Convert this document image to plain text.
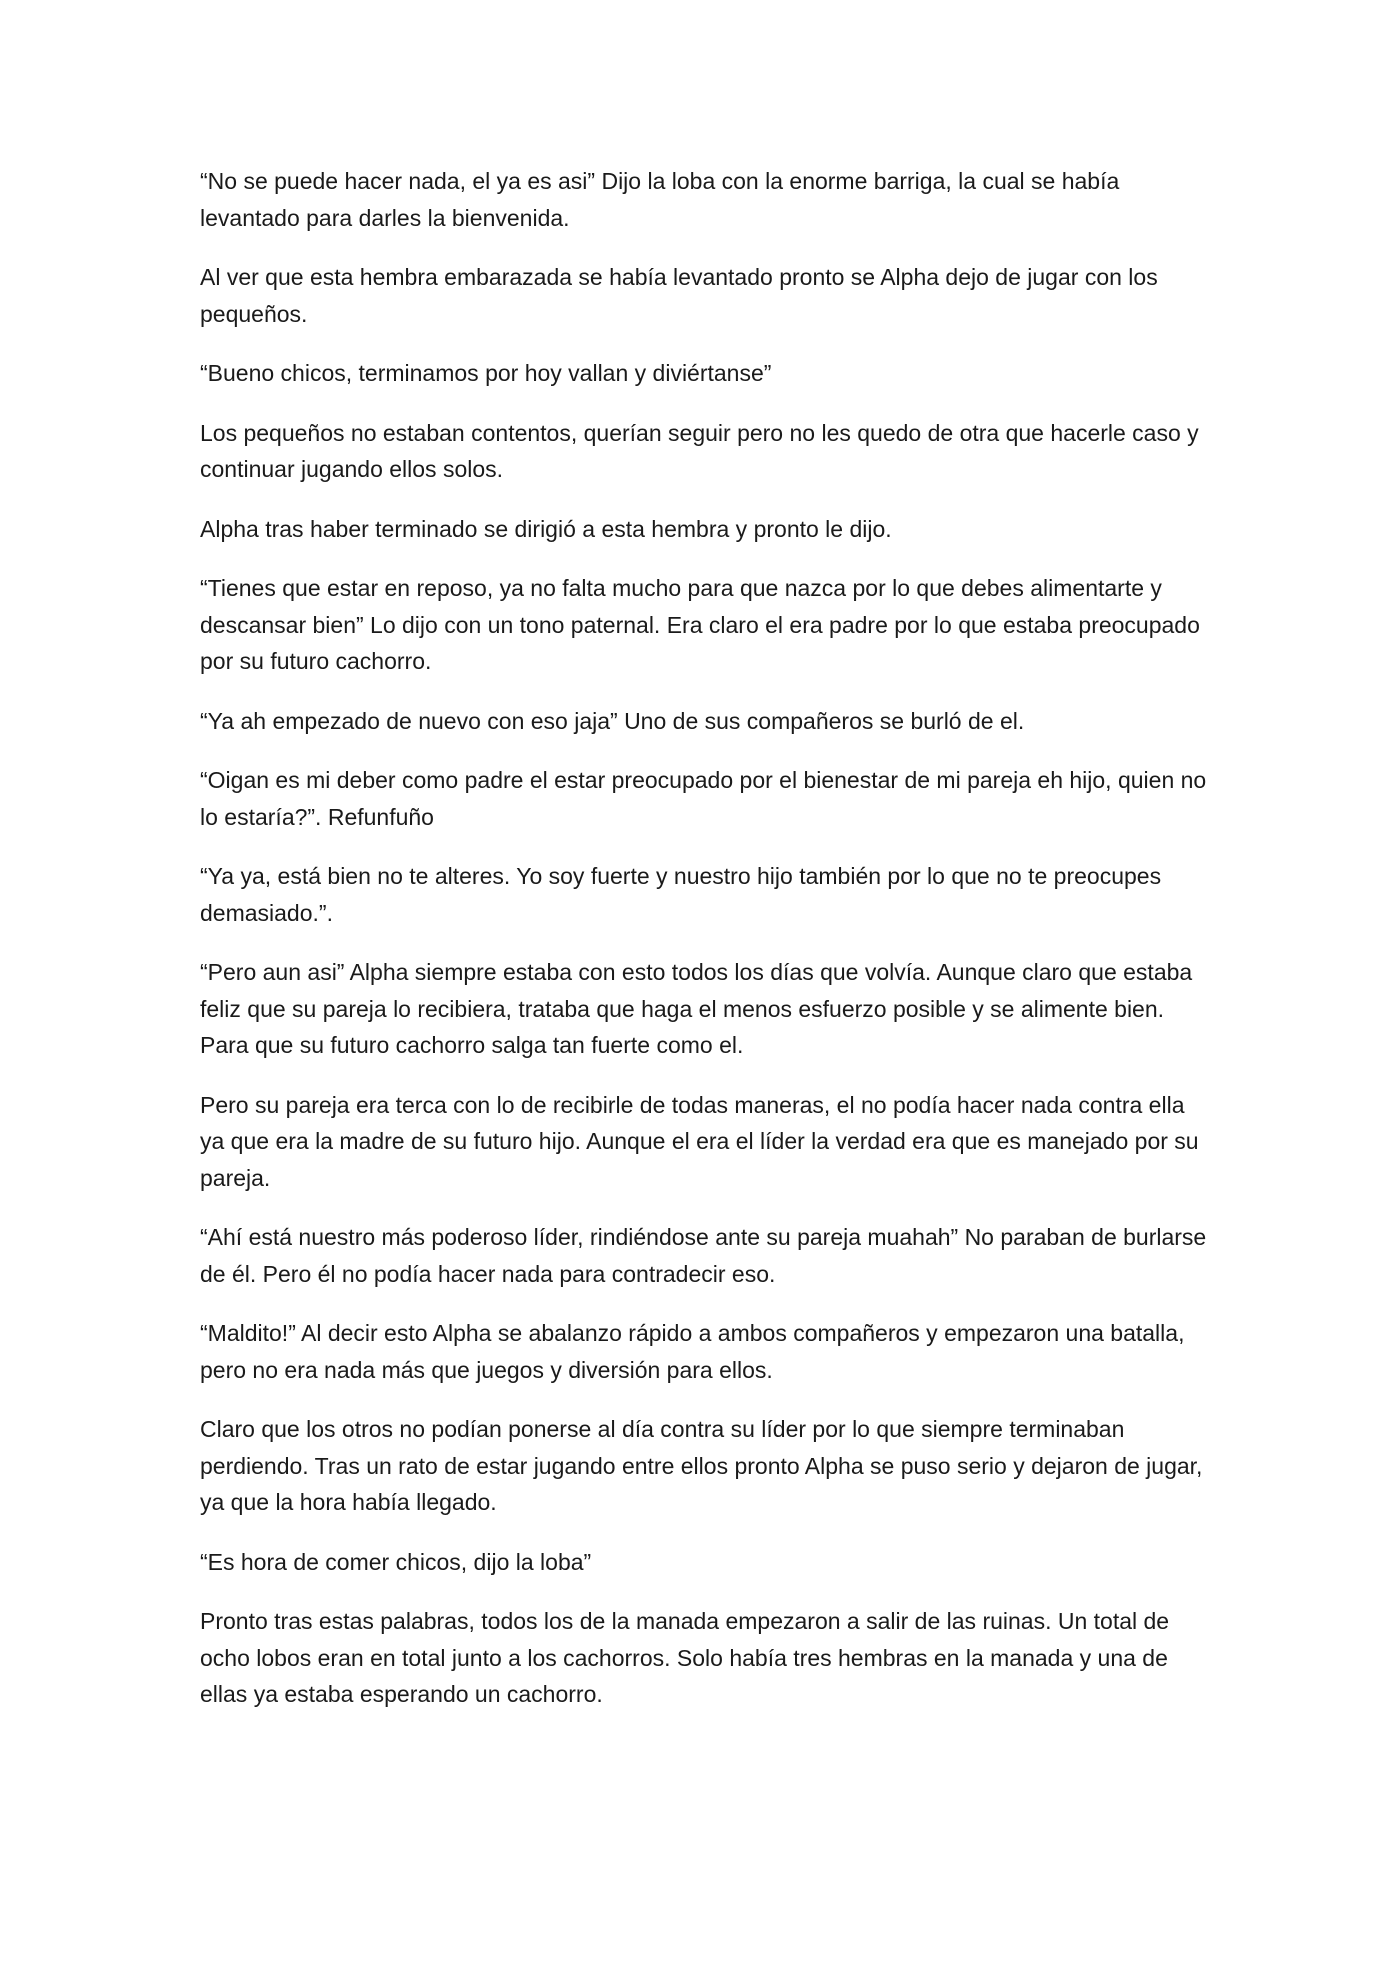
“No se puede hacer nada, el ya es asi” Dijo la loba con la enorme barriga, la cual se había levantado para darles la bienvenida.

Al ver que esta hembra embarazada se había levantado pronto se Alpha dejo de jugar con los pequeños.

“Bueno chicos, terminamos por hoy vallan y diviértanse”

Los pequeños no estaban contentos, querían seguir pero no les quedo de otra que hacerle caso y continuar jugando ellos solos.

Alpha tras haber terminado se dirigió a esta hembra y pronto le dijo.

“Tienes que estar en reposo, ya no falta mucho para que nazca por lo que debes alimentarte y descansar bien” Lo dijo con un tono paternal. Era claro el era padre por lo que estaba preocupado por su futuro cachorro.

“Ya ah empezado de nuevo con eso jaja” Uno de sus compañeros se burló de el.

“Oigan es mi deber como padre el estar preocupado por el bienestar de mi pareja eh hijo, quien no lo estaría?”. Refunfuño

“Ya ya, está bien no te alteres. Yo soy fuerte y nuestro hijo también por lo que no te preocupes demasiado.”.

“Pero aun asi” Alpha siempre estaba con esto todos los días que volvía. Aunque claro que estaba feliz que su pareja lo recibiera, trataba que haga el menos esfuerzo posible y se alimente bien. Para que su futuro cachorro salga tan fuerte como el.

Pero su pareja era terca con lo de recibirle de todas maneras, el no podía hacer nada contra ella ya que era la madre de su futuro hijo. Aunque el era el líder la verdad era que es manejado por su pareja.

“Ahí está nuestro más poderoso líder, rindiéndose ante su pareja muahah” No paraban de burlarse de él. Pero él no podía hacer nada para contradecir eso.

“Maldito!” Al decir esto Alpha se abalanzo rápido a ambos compañeros y empezaron una batalla, pero no era nada más que juegos y diversión para ellos.

Claro que los otros no podían ponerse al día contra su líder por lo que siempre terminaban perdiendo. Tras un rato de estar jugando entre ellos pronto Alpha se puso serio y dejaron de jugar, ya que la hora había llegado.

“Es hora de comer chicos, dijo la loba”

Pronto tras estas palabras, todos los de la manada empezaron a salir de las ruinas. Un total de ocho lobos eran en total junto a los cachorros. Solo había tres hembras en la manada y una de ellas ya estaba esperando un cachorro.
